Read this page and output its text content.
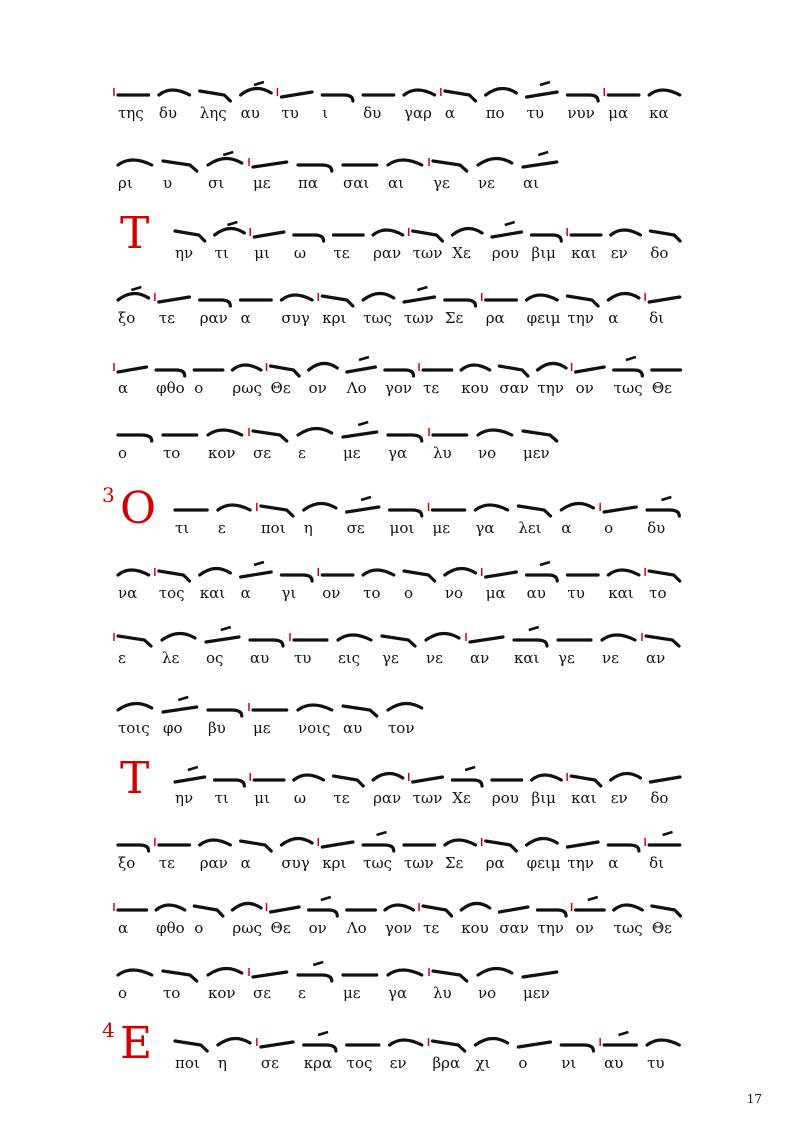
της δυ λης αυ τυ ι δυ γαρ α πο τυ νυν μα κα
ρι υ σι με πα σαι αι γε νε αι
ην τι μι ω τε ραν των Χε ρου βιμ και εν δο
Τ
ξο τε ραν α συγ κρι τως των Σε ρα φειμ την α δι
α φθο ο ρως Θε ον Λο γον τε κου σαν την ον τως Θε
ο το κον σε ε με γα λυ νο μεν
τι ε ποι η σε μοι με γα λει α ο δυ
Ο
3
να τος και α γι ον το ο νο μα αυ τυ και το
ε λε ος αυ τυ εις γε νε αν και γε νε αν
τοις φο βυ με νοις αυ τον
ην τι μι ω τε ραν των Χε ρου βιμ και εν δο
Τ
ξο τε ραν α συγ κρι τως των Σε ρα φειμ την α δι
α φθο ο ρως Θε ον Λο γον τε κου σαν την ον τως Θε
ο το κον σε ε με γα λυ νο μεν
ποι η σε κρα τος εν βρα χι ο νι αυ τυ
Ε
4
17
